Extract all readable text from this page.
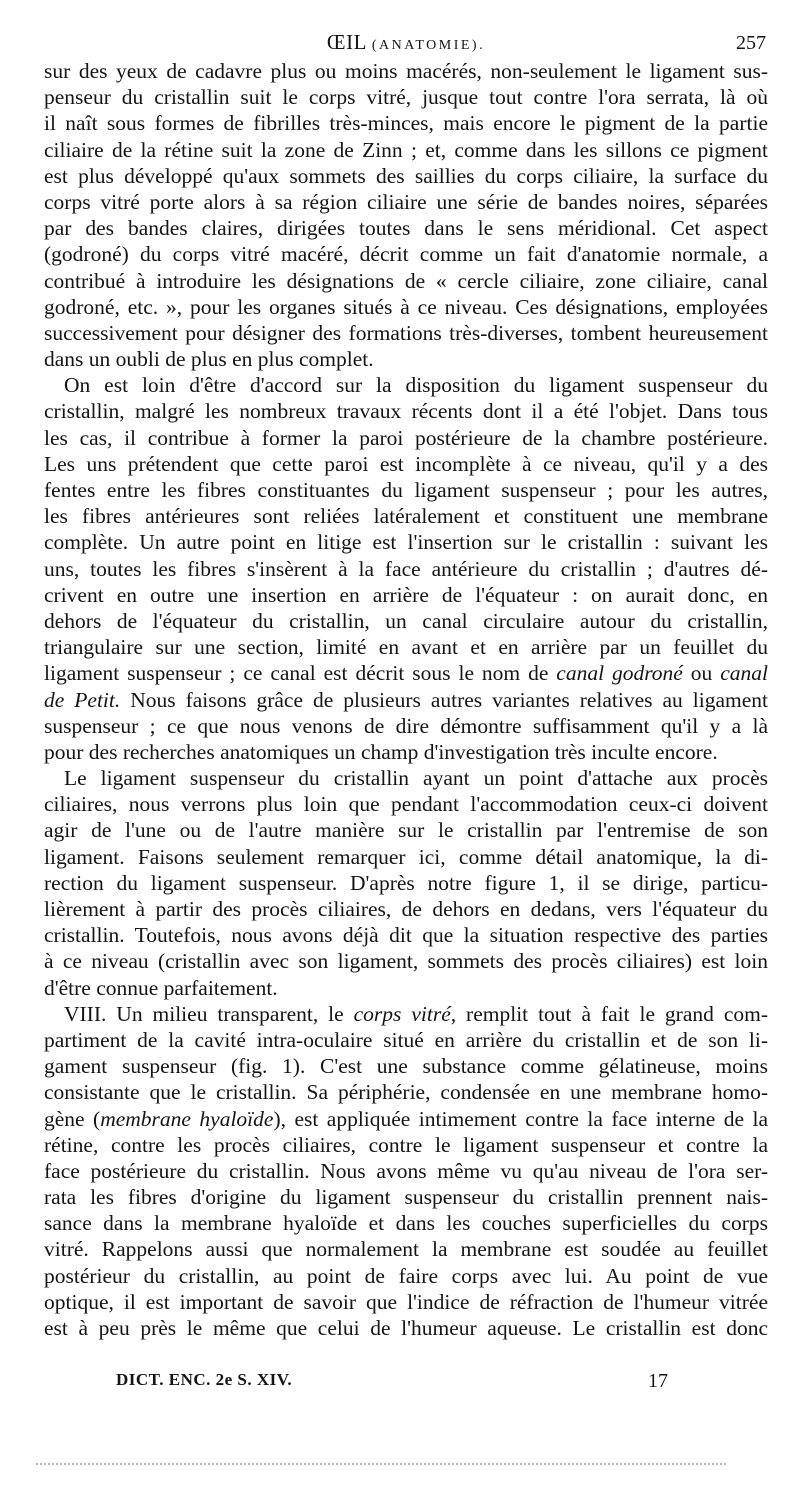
ŒIL (ANATOMIE).	257
sur des yeux de cadavre plus ou moins macérés, non-seulement le ligament sus-
penseur du cristallin suit le corps vitré, jusque tout contre l'ora serrata, là où
il naît sous formes de fibrilles très-minces, mais encore le pigment de la partie
ciliaire de la rétine suit la zone de Zinn ; et, comme dans les sillons ce pigment
est plus développé qu'aux sommets des saillies du corps ciliaire, la surface du
corps vitré porte alors à sa région ciliaire une série de bandes noires, séparées
par des bandes claires, dirigées toutes dans le sens méridional. Cet aspect
(godroné) du corps vitré macéré, décrit comme un fait d'anatomie normale, a
contribué à introduire les désignations de « cercle ciliaire, zone ciliaire, canal
godroné, etc. », pour les organes situés à ce niveau. Ces désignations, employées
successivement pour désigner des formations très-diverses, tombent heureusement
dans un oubli de plus en plus complet.
On est loin d'être d'accord sur la disposition du ligament suspenseur du
cristallin, malgré les nombreux travaux récents dont il a été l'objet. Dans tous
les cas, il contribue à former la paroi postérieure de la chambre postérieure.
Les uns prétendent que cette paroi est incomplète à ce niveau, qu'il y a des
fentes entre les fibres constituantes du ligament suspenseur ; pour les autres,
les fibres antérieures sont reliées latéralement et constituent une membrane
complète. Un autre point en litige est l'insertion sur le cristallin : suivant les
uns, toutes les fibres s'insèrent à la face antérieure du cristallin ; d'autres dé-
crivent en outre une insertion en arrière de l'équateur : on aurait donc, en
dehors de l'équateur du cristallin, un canal circulaire autour du cristallin,
triangulaire sur une section, limité en avant et en arrière par un feuillet du
ligament suspenseur ; ce canal est décrit sous le nom de canal godroné ou canal
de Petit. Nous faisons grâce de plusieurs autres variantes relatives au ligament
suspenseur ; ce que nous venons de dire démontre suffisamment qu'il y a là
pour des recherches anatomiques un champ d'investigation très inculte encore.
Le ligament suspenseur du cristallin ayant un point d'attache aux procès
ciliaires, nous verrons plus loin que pendant l'accommodation ceux-ci doivent
agir de l'une ou de l'autre manière sur le cristallin par l'entremise de son
ligament. Faisons seulement remarquer ici, comme détail anatomique, la di-
rection du ligament suspenseur. D'après notre figure 1, il se dirige, particu-
lièrement à partir des procès ciliaires, de dehors en dedans, vers l'équateur du
cristallin. Toutefois, nous avons déjà dit que la situation respective des parties
à ce niveau (cristallin avec son ligament, sommets des procès ciliaires) est loin
d'être connue parfaitement.
VIII. Un milieu transparent, le corps vitré, remplit tout à fait le grand com-
partiment de la cavité intra-oculaire situé en arrière du cristallin et de son li-
gament suspenseur (fig. 1). C'est une substance comme gélatineuse, moins
consistante que le cristallin. Sa périphérie, condensée en une membrane homo-
gène (membrane hyaloïde), est appliquée intimement contre la face interne de la
rétine, contre les procès ciliaires, contre le ligament suspenseur et contre la
face postérieure du cristallin. Nous avons même vu qu'au niveau de l'ora ser-
rata les fibres d'origine du ligament suspenseur du cristallin prennent nais-
sance dans la membrane hyaloïde et dans les couches superficielles du corps
vitré. Rappelons aussi que normalement la membrane est soudée au feuillet
postérieur du cristallin, au point de faire corps avec lui. Au point de vue
optique, il est important de savoir que l'indice de réfraction de l'humeur vitrée
est à peu près le même que celui de l'humeur aqueuse. Le cristallin est donc
DICT. ENC. 2e S. XIV.	17
